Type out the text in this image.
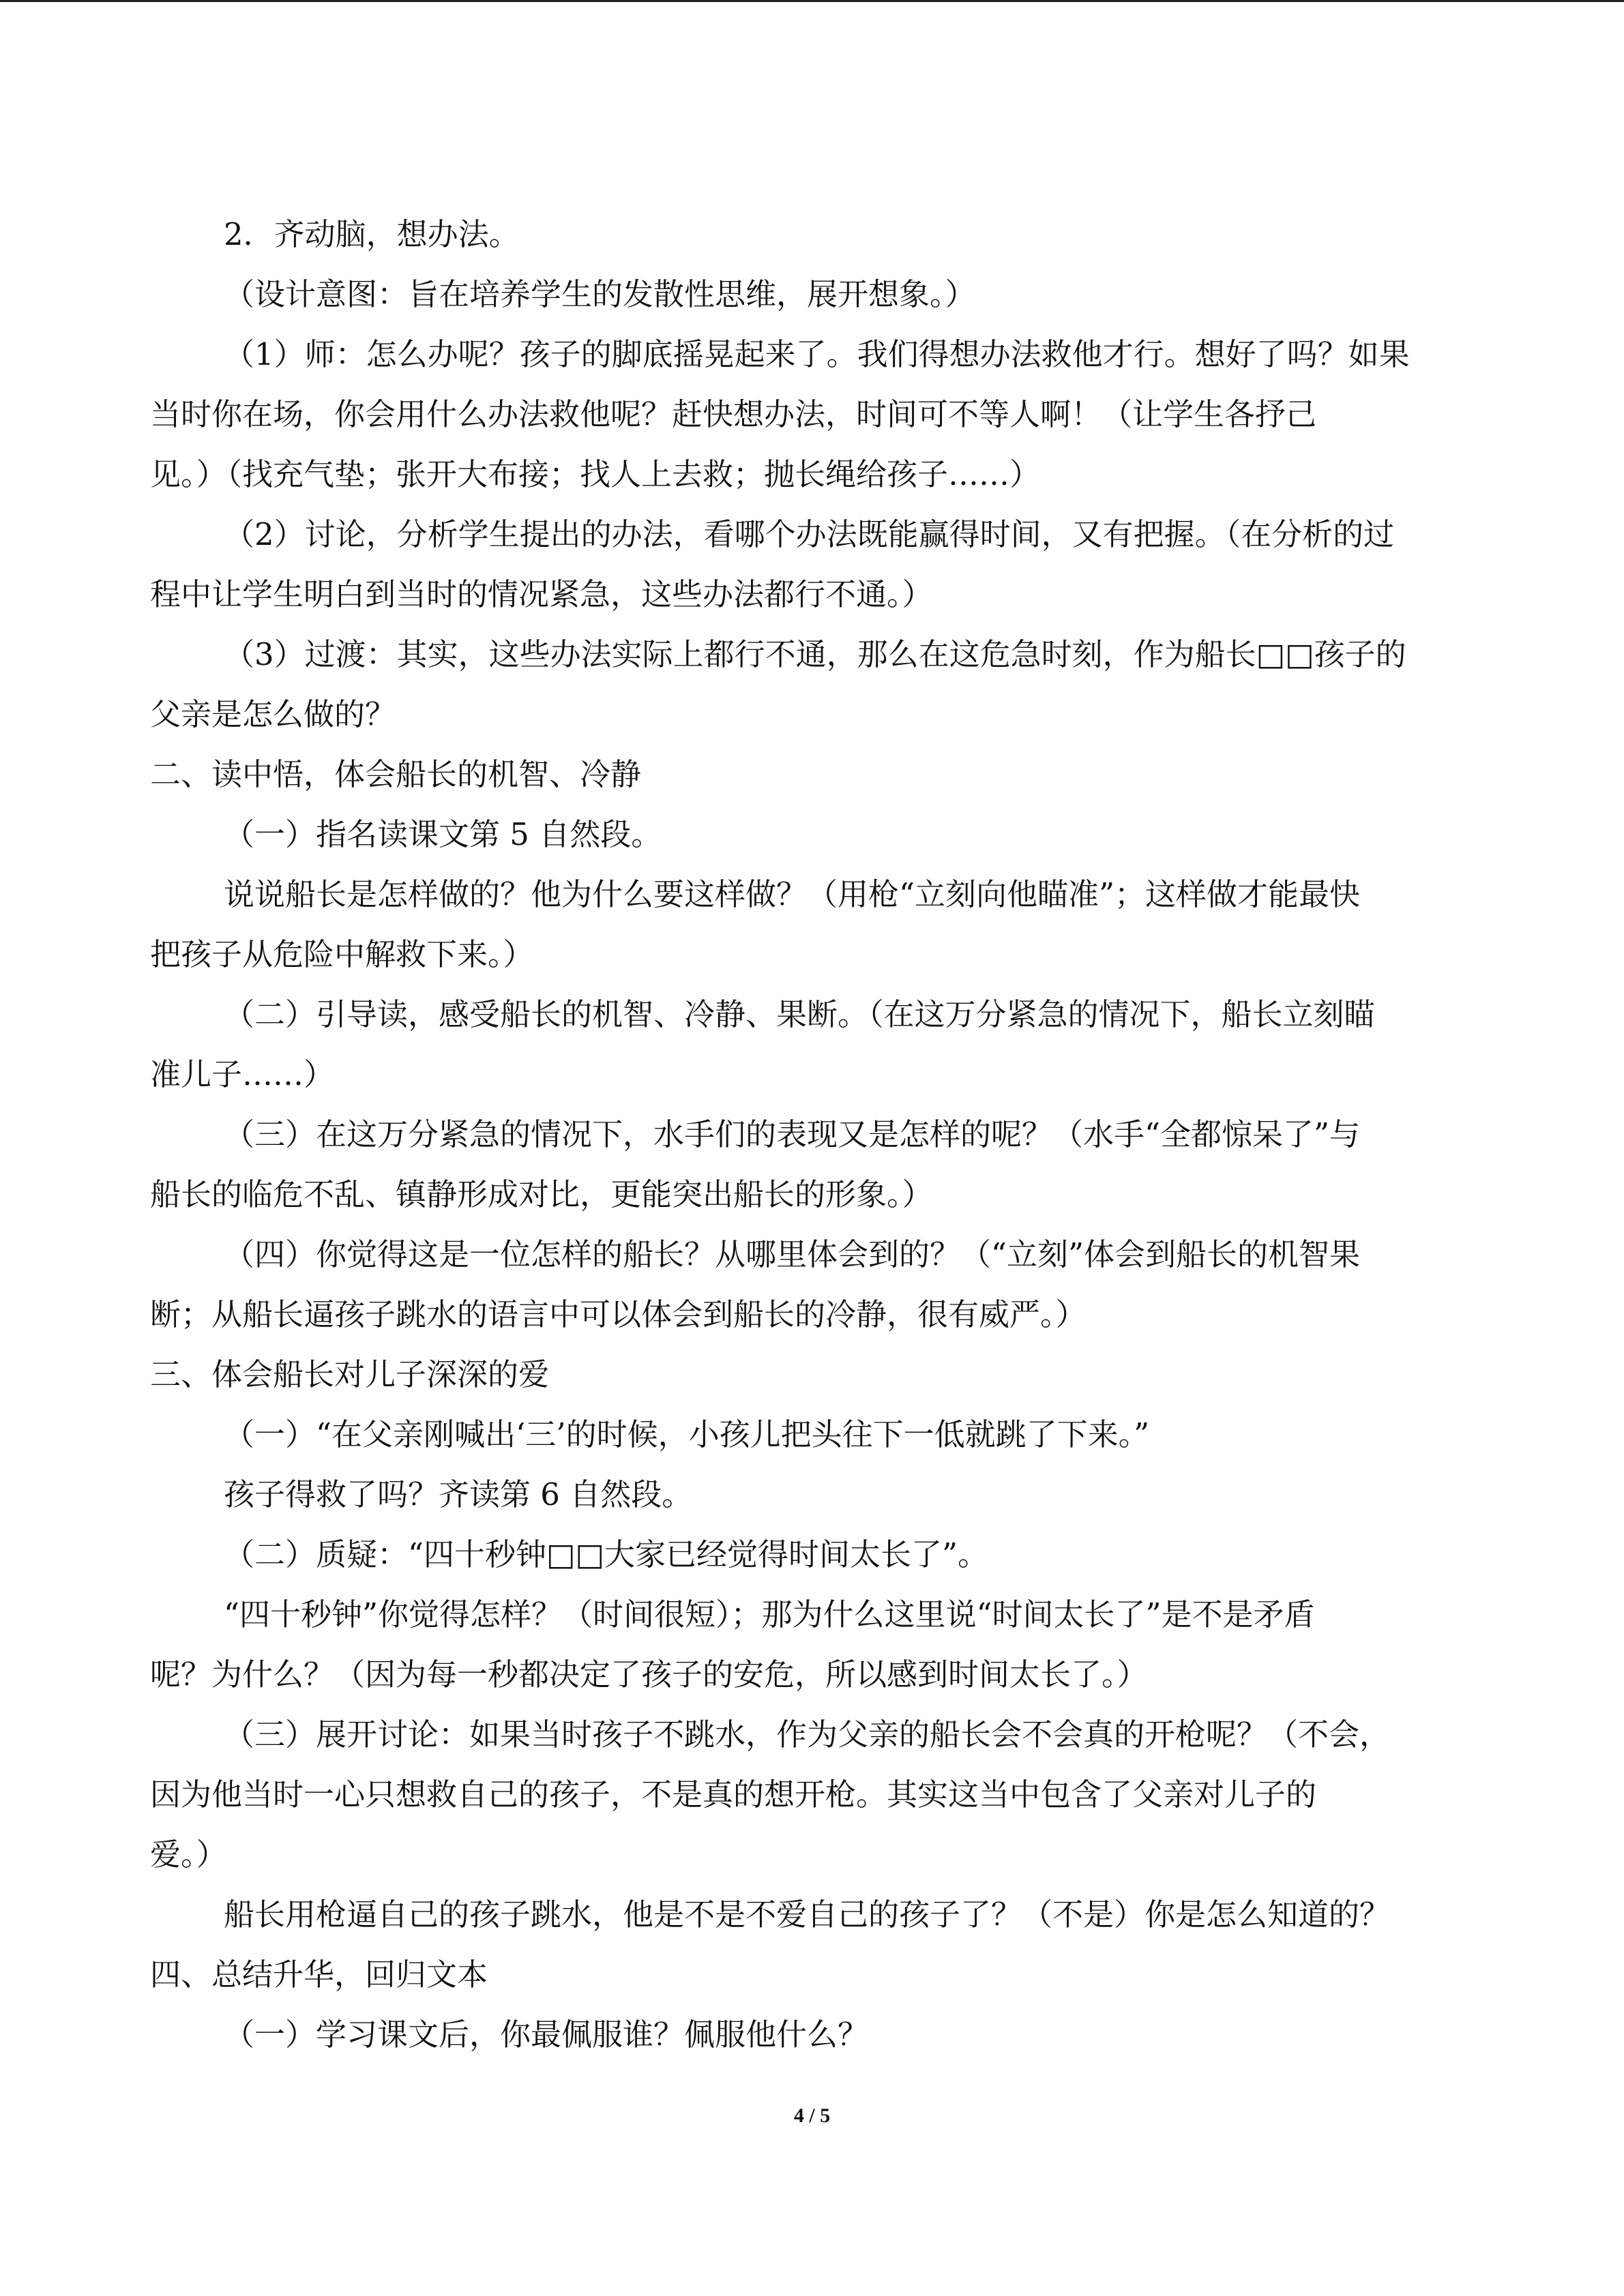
2．齐动脑，想办法。

（设计意图：旨在培养学生的发散性思维，展开想象。）

（1）师：怎么办呢？孩子的脚底摇晃起来了。我们得想办法救他才行。想好了吗？如果

当时你在场，你会用什么办法救他呢？赶快想办法，时间可不等人啊！（让学生各抒己

见。）（找充气垫；张开大布接；找人上去救；抛长绳给孩子……）

（2）讨论，分析学生提出的办法，看哪个办法既能赢得时间，又有把握。（在分析的过

程中让学生明白到当时的情况紧急，这些办法都行不通。）

（3）过渡：其实，这些办法实际上都行不通，那么在这危急时刻，作为船长□□孩子的

父亲是怎么做的？

二、读中悟，体会船长的机智、冷静

（一）指名读课文第 5 自然段。

说说船长是怎样做的？他为什么要这样做？（用枪“立刻向他瞄准”；这样做才能最快

把孩子从危险中解救下来。）

（二）引导读，感受船长的机智、冷静、果断。（在这万分紧急的情况下，船长立刻瞄

准儿子……）

（三）在这万分紧急的情况下，水手们的表现又是怎样的呢？（水手“全都惊呆了”与

船长的临危不乱、镇静形成对比，更能突出船长的形象。）

（四）你觉得这是一位怎样的船长？从哪里体会到的？（“立刻”体会到船长的机智果

断；从船长逼孩子跳水的语言中可以体会到船长的冷静，很有威严。）

三、体会船长对儿子深深的爱

（一）“在父亲刚喊出‘三’的时候，小孩儿把头往下一低就跳了下来。”

孩子得救了吗？齐读第 6 自然段。

（二）质疑：“四十秒钟□□大家已经觉得时间太长了”。

“四十秒钟”你觉得怎样？（时间很短）；那为什么这里说“时间太长了”是不是矛盾

呢？为什么？（因为每一秒都决定了孩子的安危，所以感到时间太长了。）

（三）展开讨论：如果当时孩子不跳水，作为父亲的船长会不会真的开枪呢？（不会，

因为他当时一心只想救自己的孩子，不是真的想开枪。其实这当中包含了父亲对儿子的

爱。）

船长用枪逼自己的孩子跳水，他是不是不爱自己的孩子了？（不是）你是怎么知道的？

四、总结升华，回归文本

（一）学习课文后，你最佩服谁？佩服他什么？

4 / 5
